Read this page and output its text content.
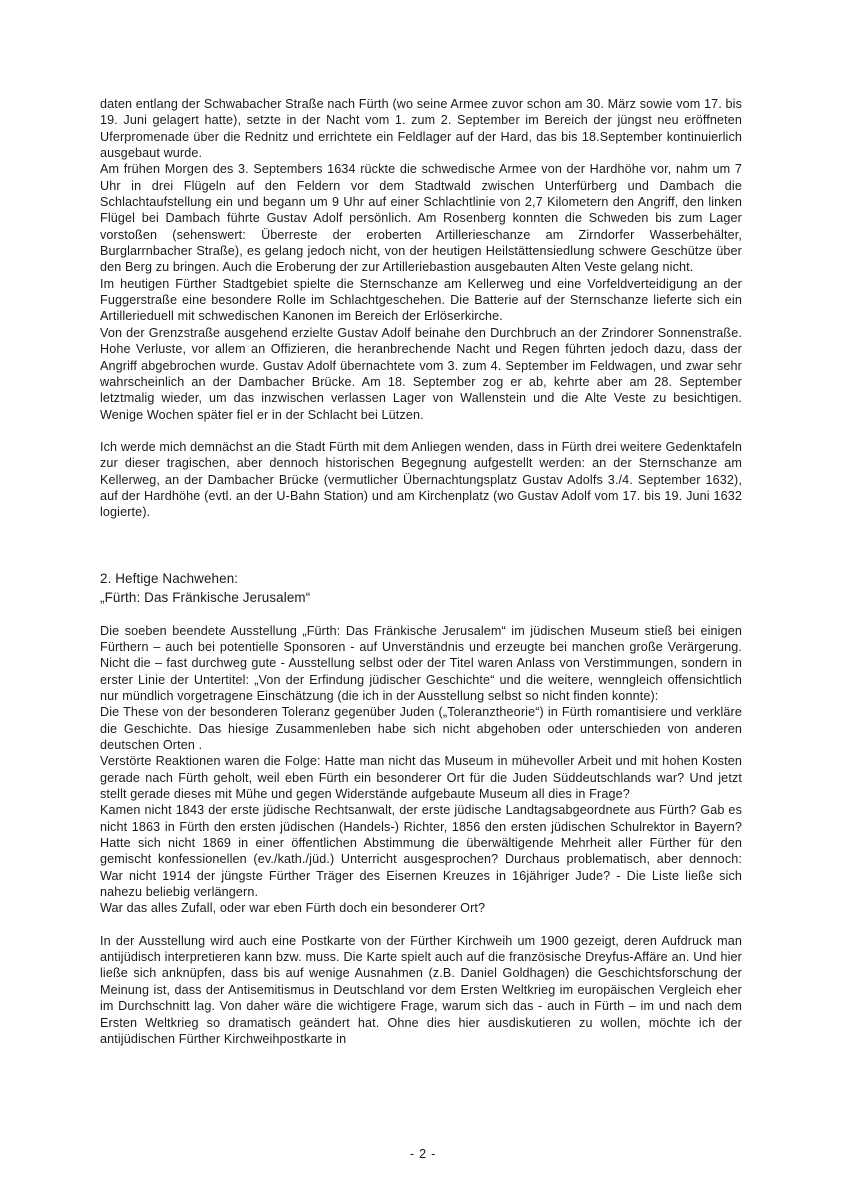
daten entlang der Schwabacher Straße nach Fürth (wo seine Armee zuvor schon am 30. März sowie vom 17. bis 19. Juni gelagert hatte), setzte in der Nacht vom 1. zum 2. September im Bereich der jüngst neu eröffneten Uferpromenade über die Rednitz und errichtete ein Feldlager auf der Hard, das bis 18.September kontinuierlich ausgebaut wurde.

Am frühen Morgen des 3. Septembers 1634 rückte die schwedische Armee von der Hardhöhe vor, nahm um 7 Uhr in drei Flügeln auf den Feldern vor dem Stadtwald zwischen Unterfürberg und Dambach die Schlachtaufstellung ein und begann um 9 Uhr auf einer Schlachtlinie von 2,7 Kilometern den Angriff, den linken Flügel bei Dambach führte Gustav Adolf persönlich. Am Rosenberg konnten die Schweden bis zum Lager vorstoßen (sehenswert: Überreste der eroberten Artillerieschanze am Zirndorfer Wasserbehälter, Burglarrnbacher Straße), es gelang jedoch nicht, von der heutigen Heilstättensiedlung schwere Geschütze über den Berg zu bringen. Auch die Eroberung der zur Artilleriebastion ausgebauten Alten Veste gelang nicht.

Im heutigen Fürther Stadtgebiet spielte die Sternschanze am Kellerweg und eine Vorfeldverteidigung an der Fuggerstraße eine besondere Rolle im Schlachtgeschehen. Die Batterie auf der Sternschanze lieferte sich ein Artillerieduell mit schwedischen Kanonen im Bereich der Erlöserkirche.

Von der Grenzstraße ausgehend erzielte Gustav Adolf beinahe den Durchbruch an der Zrindorer Sonnenstraße. Hohe Verluste, vor allem an Offizieren, die heranbrechende Nacht und Regen führten jedoch dazu, dass der Angriff abgebrochen wurde. Gustav Adolf übernachtete vom 3. zum 4. September im Feldwagen, und zwar sehr wahrscheinlich an der Dambacher Brücke. Am 18. September zog er ab, kehrte aber am 28. September letztmalig wieder, um das inzwischen verlassen Lager von Wallenstein und die Alte Veste zu besichtigen. Wenige Wochen später fiel er in der Schlacht bei Lützen.

Ich werde mich demnächst an die Stadt Fürth mit dem Anliegen wenden, dass in Fürth drei weitere Gedenktafeln zur dieser tragischen, aber dennoch historischen Begegnung aufgestellt werden: an der Sternschanze am Kellerweg, an der Dambacher Brücke (vermutlicher Übernachtungsplatz Gustav Adolfs 3./4. September 1632), auf der Hardhöhe (evtl. an der U-Bahn Station) und am Kirchenplatz (wo Gustav Adolf vom 17. bis 19. Juni 1632 logierte).

2. Heftige Nachwehen:
„Fürth: Das Fränkische Jerusalem“

Die soeben beendete Ausstellung „Fürth: Das Fränkische Jerusalem“ im jüdischen Museum stieß bei einigen Fürthern – auch bei potentielle Sponsoren - auf Unverständnis und erzeugte bei manchen große Verärgerung. Nicht die – fast durchweg gute - Ausstellung selbst oder der Titel waren Anlass von Verstimmungen, sondern in erster Linie der Untertitel: „Von der Erfindung jüdischer Geschichte“ und die weitere, wenngleich offensichtlich nur mündlich vorgetragene Einschätzung (die ich in der Ausstellung selbst so nicht finden konnte):

Die These von der besonderen Toleranz gegenüber Juden („Toleranztheorie“) in Fürth romantisiere und verkläre die Geschichte. Das hiesige Zusammenleben habe sich nicht abgehoben oder unterschieden von anderen deutschen Orten .

Verstörte Reaktionen waren die Folge: Hatte man nicht das Museum in mühevoller Arbeit und mit hohen Kosten gerade nach Fürth geholt, weil eben Fürth ein besonderer Ort für die Juden Süddeutschlands war? Und jetzt stellt gerade dieses mit Mühe und gegen Widerstände aufgebaute Museum all dies in Frage?

Kamen nicht 1843 der erste jüdische Rechtsanwalt, der erste jüdische Landtagsabgeordnete aus Fürth? Gab es nicht 1863 in Fürth den ersten jüdischen (Handels-) Richter, 1856 den ersten jüdischen Schulrektor in Bayern? Hatte sich nicht 1869 in einer öffentlichen Abstimmung die überwältigende Mehrheit aller Fürther für den gemischt konfessionellen (ev./kath./jüd.) Unterricht ausgesprochen? Durchaus problematisch, aber dennoch: War nicht 1914 der jüngste Fürther Träger des Eisernen Kreuzes in 16jähriger Jude? - Die Liste ließe sich nahezu beliebig verlängern.

War das alles Zufall, oder war eben Fürth doch ein besonderer Ort?

In der Ausstellung wird auch eine Postkarte von der Fürther Kirchweih um 1900 gezeigt, deren Aufdruck man antijüdisch interpretieren kann bzw. muss. Die Karte spielt auch auf die französische Dreyfus-Affäre an. Und hier ließe sich anknüpfen, dass bis auf wenige Ausnahmen (z.B. Daniel Goldhagen) die Geschichtsforschung der Meinung ist, dass der Antisemitismus in Deutschland vor dem Ersten Weltkrieg im europäischen Vergleich eher im Durchschnitt lag. Von daher wäre die wichtigere Frage, warum sich das - auch in Fürth – im und nach dem Ersten Weltkrieg so dramatisch geändert hat. Ohne dies hier ausdiskutieren zu wollen, möchte ich der antijüdischen Fürther Kirchweihpostkarte in

- 2 -
